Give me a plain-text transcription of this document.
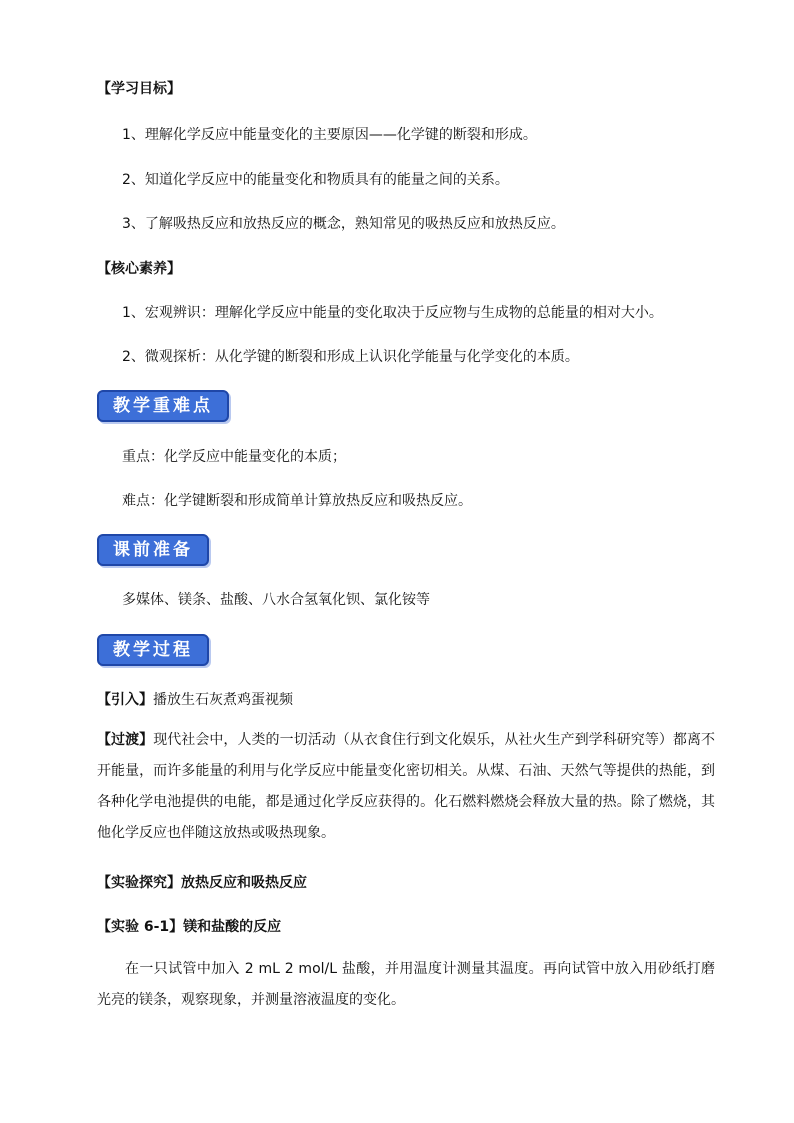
【学习目标】
1、理解化学反应中能量变化的主要原因——化学键的断裂和形成。
2、知道化学反应中的能量变化和物质具有的能量之间的关系。
3、了解吸热反应和放热反应的概念，熟知常见的吸热反应和放热反应。
【核心素养】
1、宏观辨识：理解化学反应中能量的变化取决于反应物与生成物的总能量的相对大小。
2、微观探析：从化学键的断裂和形成上认识化学能量与化学变化的本质。
教学重难点
重点：化学反应中能量变化的本质；
难点：化学键断裂和形成简单计算放热反应和吸热反应。
课前准备
多媒体、镁条、盐酸、八水合氢氧化钡、氯化铵等
教学过程
【引入】播放生石灰煮鸡蛋视频
【过渡】现代社会中，人类的一切活动（从衣食住行到文化娱乐，从社火生产到学科研究等）都离不开能量，而许多能量的利用与化学反应中能量变化密切相关。从煤、石油、天然气等提供的热能，到各种化学电池提供的电能，都是通过化学反应获得的。化石燃料燃烧会释放大量的热。除了燃烧，其他化学反应也伴随这放热或吸热现象。
【实验探究】放热反应和吸热反应
【实验 6-1】镁和盐酸的反应
在一只试管中加入 2 mL 2 mol/L 盐酸，并用温度计测量其温度。再向试管中放入用砂纸打磨光亮的镁条，观察现象，并测量溶液温度的变化。
